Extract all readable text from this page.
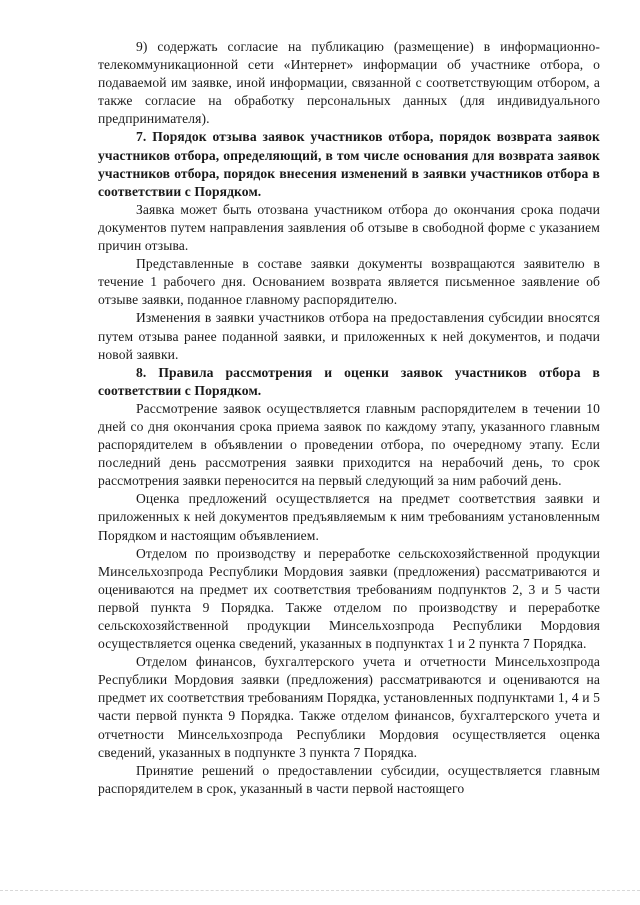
9) содержать согласие на публикацию (размещение) в информационно-телекоммуникационной сети «Интернет» информации об участнике отбора, о подаваемой им заявке, иной информации, связанной с соответствующим отбором, а также согласие на обработку персональных данных (для индивидуального предпринимателя).

7. Порядок отзыва заявок участников отбора, порядок возврата заявок участников отбора, определяющий, в том числе основания для возврата заявок участников отбора, порядок внесения изменений в заявки участников отбора в соответствии с Порядком.

Заявка может быть отозвана участником отбора до окончания срока подачи документов путем направления заявления об отзыве в свободной форме с указанием причин отзыва.

Представленные в составе заявки документы возвращаются заявителю в течение 1 рабочего дня. Основанием возврата является письменное заявление об отзыве заявки, поданное главному распорядителю.

Изменения в заявки участников отбора на предоставления субсидии вносятся путем отзыва ранее поданной заявки, и приложенных к ней документов, и подачи новой заявки.

8. Правила рассмотрения и оценки заявок участников отбора в соответствии с Порядком.

Рассмотрение заявок осуществляется главным распорядителем в течении 10 дней со дня окончания срока приема заявок по каждому этапу, указанного главным распорядителем в объявлении о проведении отбора, по очередному этапу. Если последний день рассмотрения заявки приходится на нерабочий день, то срок рассмотрения заявки переносится на первый следующий за ним рабочий день.

Оценка предложений осуществляется на предмет соответствия заявки и приложенных к ней документов предъявляемым к ним требованиям установленным Порядком и настоящим объявлением.

Отделом по производству и переработке сельскохозяйственной продукции Минсельхозпрода Республики Мордовия заявки (предложения) рассматриваются и оцениваются на предмет их соответствия требованиям подпунктов 2, 3 и 5 части первой пункта 9 Порядка. Также отделом по производству и переработке сельскохозяйственной продукции Минсельхозпрода Республики Мордовия осуществляется оценка сведений, указанных в подпунктах 1 и 2 пункта 7 Порядка.

Отделом финансов, бухгалтерского учета и отчетности Минсельхозпрода Республики Мордовия заявки (предложения) рассматриваются и оцениваются на предмет их соответствия требованиям Порядка, установленных подпунктами 1, 4 и 5 части первой пункта 9 Порядка. Также отделом финансов, бухгалтерского учета и отчетности Минсельхозпрода Республики Мордовия осуществляется оценка сведений, указанных в подпункте 3 пункта 7 Порядка.

Принятие решений о предоставлении субсидии, осуществляется главным распорядителем в срок, указанный в части первой настоящего
